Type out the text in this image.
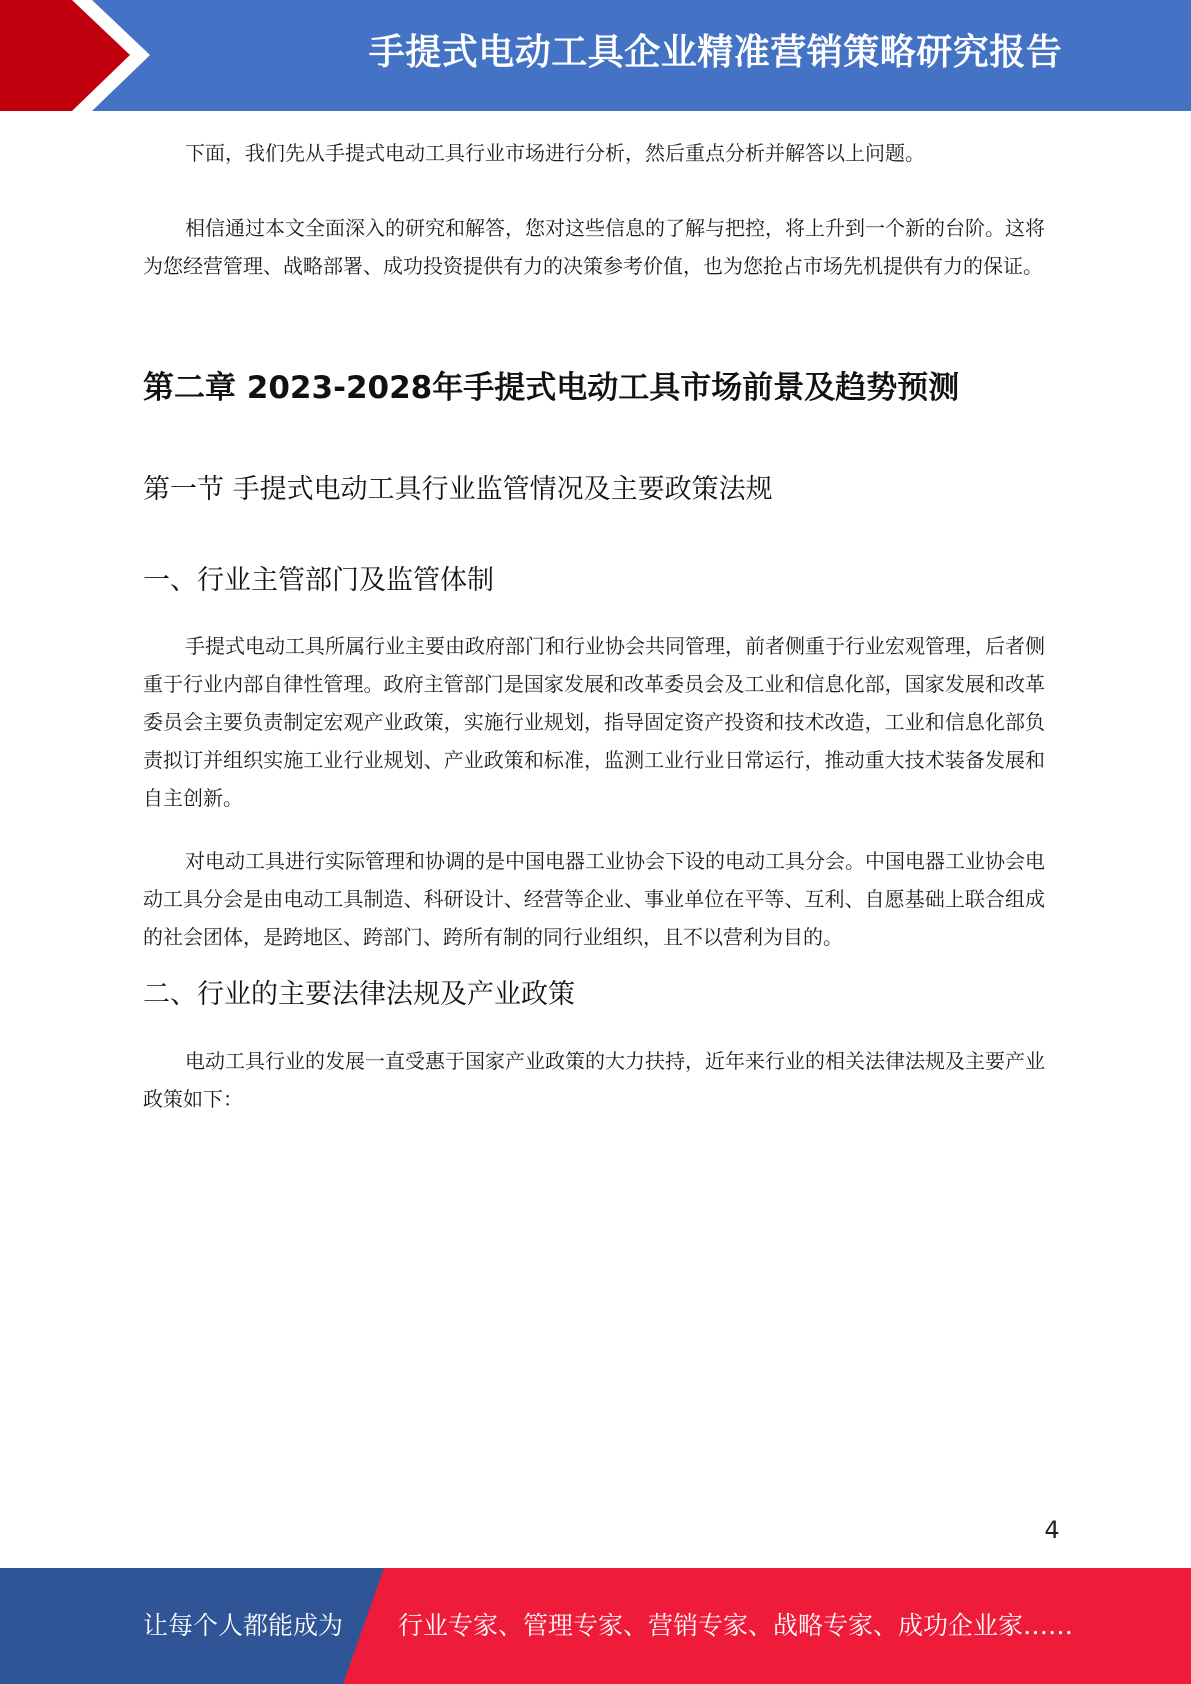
手提式电动工具企业精准营销策略研究报告

下面，我们先从手提式电动工具行业市场进行分析，然后重点分析并解答以上问题。

相信通过本文全面深入的研究和解答，您对这些信息的了解与把控，将上升到一个新的台阶。这将为您经营管理、战略部署、成功投资提供有力的决策参考价值，也为您抢占市场先机提供有力的保证。

第二章 2023-2028年手提式电动工具市场前景及趋势预测
第一节 手提式电动工具行业监管情况及主要政策法规
一、行业主管部门及监管体制

手提式电动工具所属行业主要由政府部门和行业协会共同管理，前者侧重于行业宏观管理，后者侧重于行业内部自律性管理。政府主管部门是国家发展和改革委员会及工业和信息化部，国家发展和改革委员会主要负责制定宏观产业政策，实施行业规划，指导固定资产投资和技术改造，工业和信息化部负责拟订并组织实施工业行业规划、产业政策和标准，监测工业行业日常运行，推动重大技术装备发展和自主创新。

对电动工具进行实际管理和协调的是中国电器工业协会下设的电动工具分会。中国电器工业协会电动工具分会是由电动工具制造、科研设计、经营等企业、事业单位在平等、互利、自愿基础上联合组成的社会团体，是跨地区、跨部门、跨所有制的同行业组织，且不以营利为目的。

二、行业的主要法律法规及产业政策

电动工具行业的发展一直受惠于国家产业政策的大力扶持，近年来行业的相关法律法规及主要产业政策如下：

4
让每个人都能成为 行业专家、管理专家、营销专家、战略专家、成功企业家……
